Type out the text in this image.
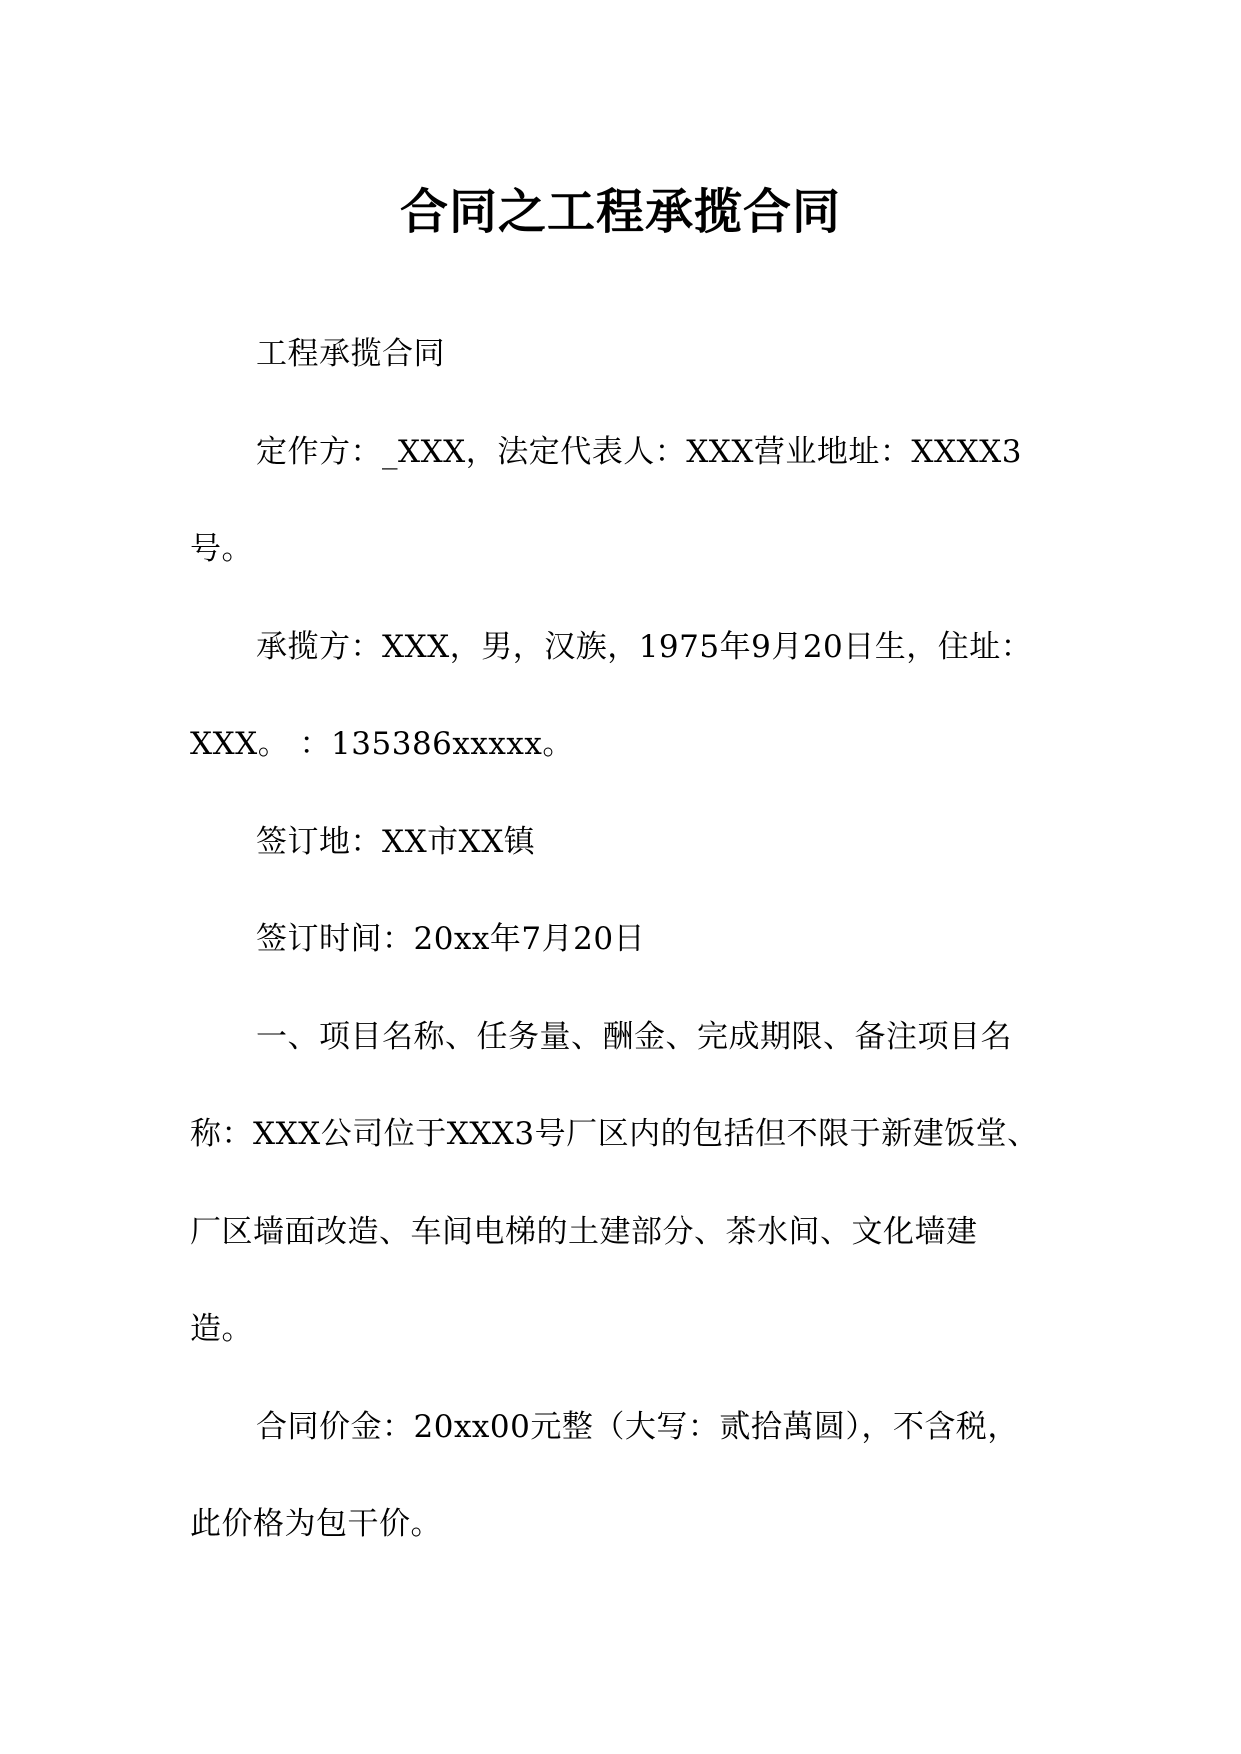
合同之工程承揽合同

工程承揽合同

定作方：_XXX，法定代表人：XXX营业地址：XXXX3号。

承揽方：XXX，男，汉族，1975年9月20日生，住址：XXX。 ：135386xxxxx。

签订地：XX市XX镇

签订时间：20xx年7月20日

一、项目名称、任务量、酬金、完成期限、备注项目名称：XXX公司位于XXX3号厂区内的包括但不限于新建饭堂、厂区墙面改造、车间电梯的土建部分、茶水间、文化墙建造。

合同价金：20xx00元整（大写：贰拾萬圆），不含税，此价格为包干价。
